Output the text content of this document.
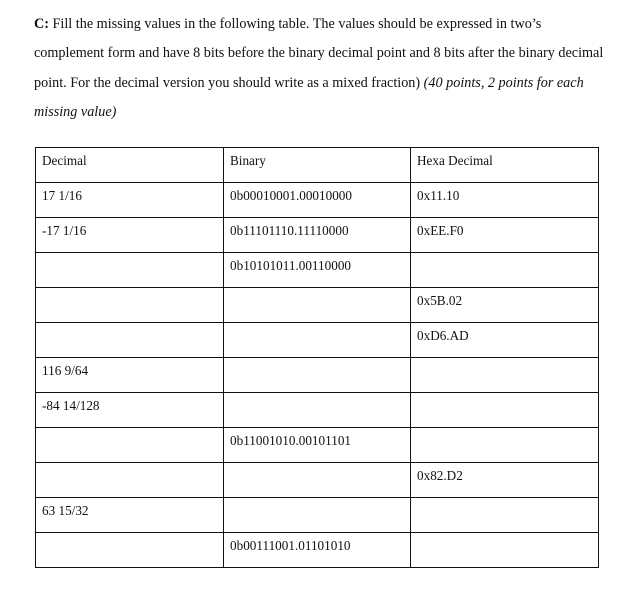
C: Fill the missing values in the following table. The values should be expressed in two’s complement form and have 8 bits before the binary decimal point and 8 bits after the binary decimal point. For the decimal version you should write as a mixed fraction) (40 points, 2 points for each missing value)

Decimal	Binary	Hexa Decimal
17 1/16	0b00010001.00010000	0x11.10
-17 1/16	0b11101110.11110000	0xEE.F0
	0b10101011.00110000	
		0x5B.02
		0xD6.AD
116 9/64		
-84 14/128		
	0b11001010.00101101	
		0x82.D2
63 15/32		
	0b00111001.01101010	
